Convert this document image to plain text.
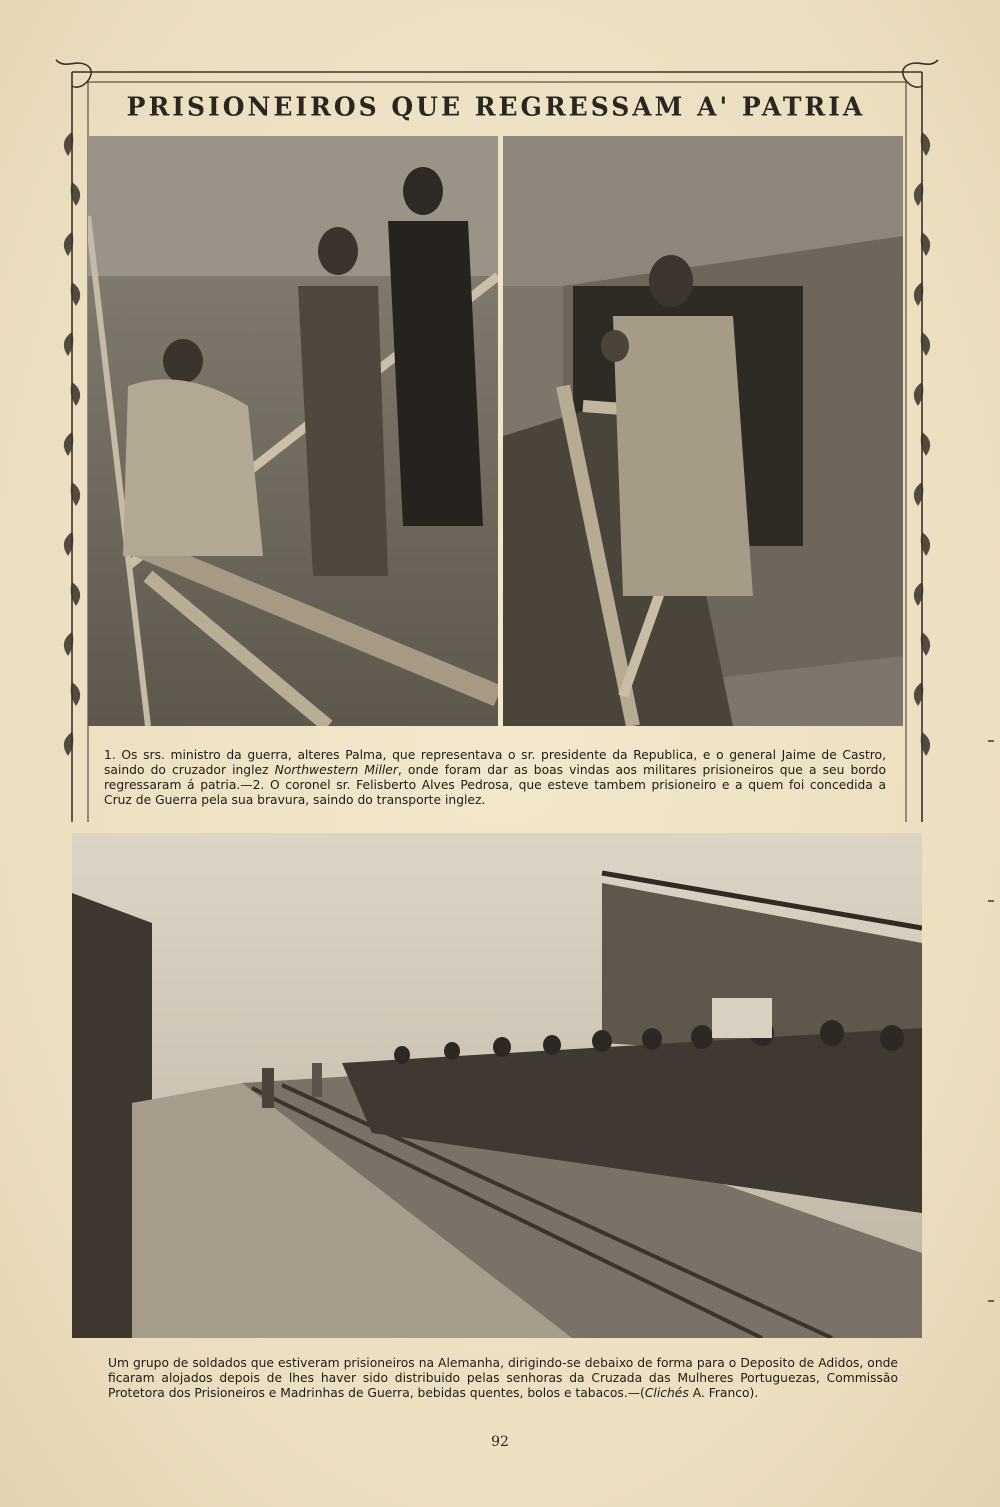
PRISIONEIROS QUE REGRESSAM A' PATRIA
1. Os srs. ministro da guerra, alteres Palma, que representava o sr. presidente da Republica, e o general Jaime de Castro, saindo do cruzador inglez Northwestern Miller, onde foram dar as boas vindas aos militares prisioneiros que a seu bordo regressaram á patria.—2. O coronel sr. Felisberto Alves Pedrosa, que esteve tambem prisioneiro e a quem foi concedida a Cruz de Guerra pela sua bravura, saindo do transporte inglez.
Um grupo de soldados que estiveram prisioneiros na Alemanha, dirigindo-se debaixo de forma para o Deposito de Adidos, onde ficaram alojados depois de lhes haver sido distribuido pelas senhoras da Cruzada das Mulheres Portuguezas, Commissão Protetora dos Prisioneiros e Madrinhas de Guerra, bebidas quentes, bolos e tabacos.—(Clichés A. Franco).
92
